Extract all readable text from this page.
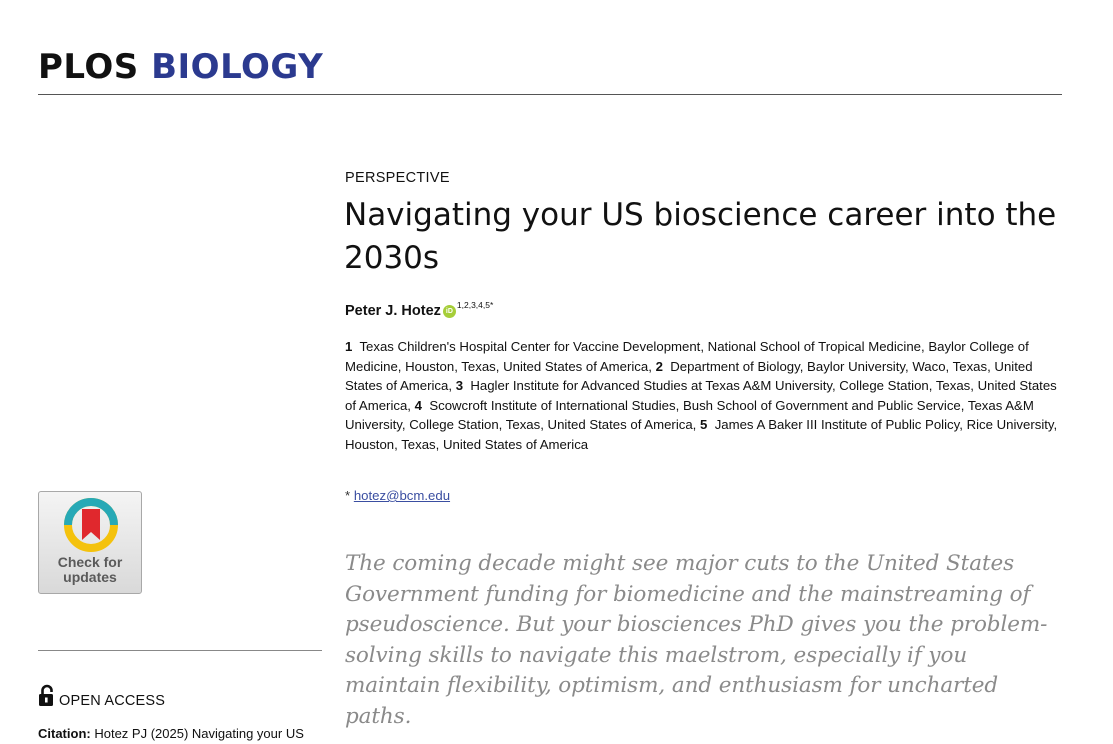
PLOS BIOLOGY
PERSPECTIVE
Navigating your US bioscience career into the 2030s
Peter J. Hotez $iD^{1,2,3,4,5*}$
1 Texas Children's Hospital Center for Vaccine Development, National School of Tropical Medicine, Baylor College of Medicine, Houston, Texas, United States of America, 2 Department of Biology, Baylor University, Waco, Texas, United States of America, 3 Hagler Institute for Advanced Studies at Texas A&M University, College Station, Texas, United States of America, 4 Scowcroft Institute of International Studies, Bush School of Government and Public Service, Texas A&M University, College Station, Texas, United States of America, 5 James A Baker III Institute of Public Policy, Rice University, Houston, Texas, United States of America
* hotez@bcm.edu

The coming decade might see major cuts to the United States Government funding for biomedicine and the mainstreaming of pseudoscience. But your biosciences PhD gives you the problem-solving skills to navigate this maelstrom, especially if you maintain flexibility, optimism, and enthusiasm for uncharted paths.

Check for
updates
OPEN ACCESS
Citation: Hotez PJ (2025) Navigating your US
